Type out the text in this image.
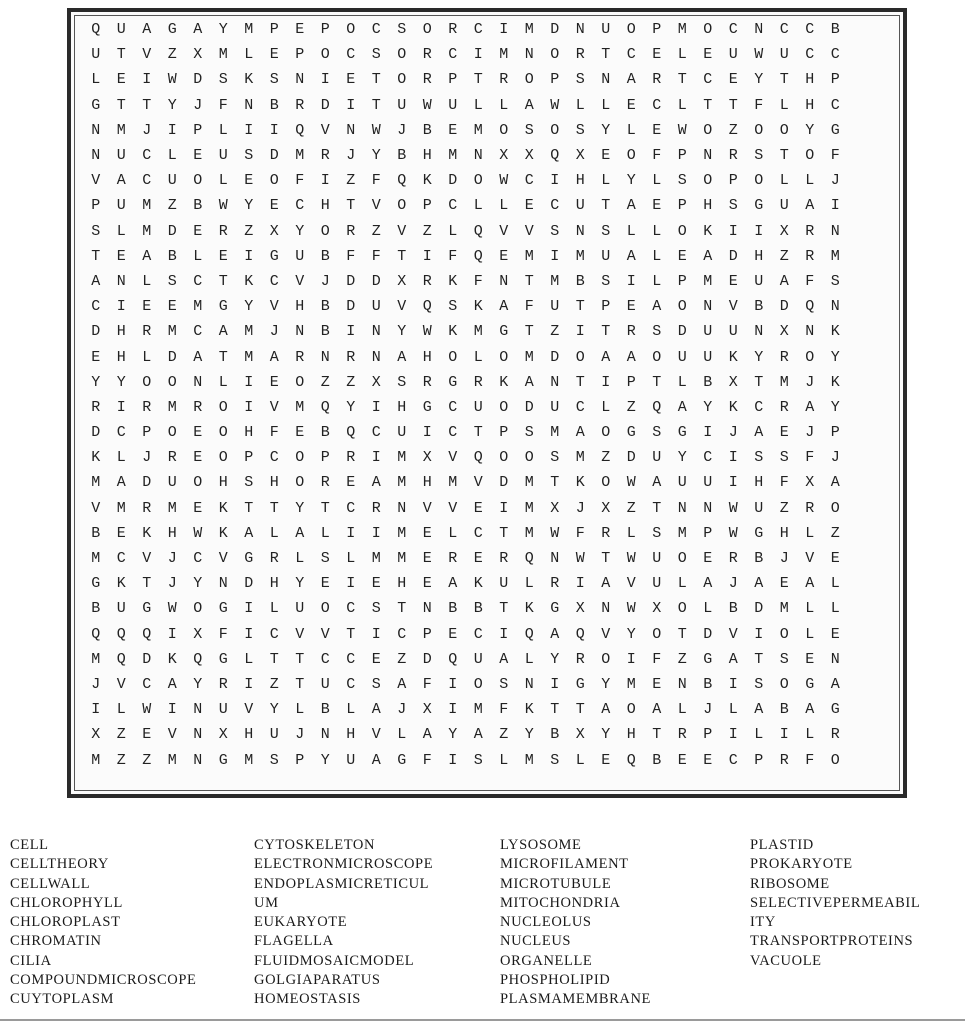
Q	U	A	G	A	Y	M	P	E	P	O	C	S	O	R	C	I	M	D	N	U	O	P	M	O	C	N	C	C	B
U	T	V	Z	X	M	L	E	P	O	C	S	O	R	C	I	M	N	O	R	T	C	E	L	E	U	W	U	C	C
L	E	I	W	D	S	K	S	N	I	E	T	O	R	P	T	R	O	P	S	N	A	R	T	C	E	Y	T	H	P
G	T	T	Y	J	F	N	B	R	D	I	T	U	W	U	L	L	A	W	L	L	E	C	L	T	T	F	L	H	C
N	M	J	I	P	L	I	I	Q	V	N	W	J	B	E	M	O	S	O	S	Y	L	E	W	O	Z	O	O	Y	G
N	U	C	L	E	U	S	D	M	R	J	Y	B	H	M	N	X	X	Q	X	E	O	F	P	N	R	S	T	O	F
V	A	C	U	O	L	E	O	F	I	Z	F	Q	K	D	O	W	C	I	H	L	Y	L	S	O	P	O	L	L	J
P	U	M	Z	B	W	Y	E	C	H	T	V	O	P	C	L	L	E	C	U	T	A	E	P	H	S	G	U	A	I
S	L	M	D	E	R	Z	X	Y	O	R	Z	V	Z	L	Q	V	V	S	N	S	L	L	O	K	I	I	X	R	N
T	E	A	B	L	E	I	G	U	B	F	F	T	I	F	Q	E	M	I	M	U	A	L	E	A	D	H	Z	R	M
A	N	L	S	C	T	K	C	V	J	D	D	X	R	K	F	N	T	M	B	S	I	L	P	M	E	U	A	F	S
C	I	E	E	M	G	Y	V	H	B	D	U	V	Q	S	K	A	F	U	T	P	E	A	O	N	V	B	D	Q	N
D	H	R	M	C	A	M	J	N	B	I	N	Y	W	K	M	G	T	Z	I	T	R	S	D	U	U	N	X	N	K
E	H	L	D	A	T	M	A	R	N	R	N	A	H	O	L	O	M	D	O	A	A	O	U	U	K	Y	R	O	Y
Y	Y	O	O	N	L	I	E	O	Z	Z	X	S	R	G	R	K	A	N	T	I	P	T	L	B	X	T	M	J	K
R	I	R	M	R	O	I	V	M	Q	Y	I	H	G	C	U	O	D	U	C	L	Z	Q	A	Y	K	C	R	A	Y
D	C	P	O	E	O	H	F	E	B	Q	C	U	I	C	T	P	S	M	A	O	G	S	G	I	J	A	E	J	P
K	L	J	R	E	O	P	C	O	P	R	I	M	X	V	Q	O	O	S	M	Z	D	U	Y	C	I	S	S	F	J
M	A	D	U	O	H	S	H	O	R	E	A	M	H	M	V	D	M	T	K	O	W	A	U	U	I	H	F	X	A
V	M	R	M	E	K	T	T	Y	T	C	R	N	V	V	E	I	M	X	J	X	Z	T	N	N	W	U	Z	R	O
B	E	K	H	W	K	A	L	A	L	I	I	M	E	L	C	T	M	W	F	R	L	S	M	P	W	G	H	L	Z
M	C	V	J	C	V	G	R	L	S	L	M	M	E	R	E	R	Q	N	W	T	W	U	O	E	R	B	J	V	E
G	K	T	J	Y	N	D	H	Y	E	I	E	H	E	A	K	U	L	R	I	A	V	U	L	A	J	A	E	A	L
B	U	G	W	O	G	I	L	U	O	C	S	T	N	B	B	T	K	G	X	N	W	X	O	L	B	D	M	L	L
Q	Q	Q	I	X	F	I	C	V	V	T	I	C	P	E	C	I	Q	A	Q	V	Y	O	T	D	V	I	O	L	E
M	Q	D	K	Q	G	L	T	T	C	C	E	Z	D	Q	U	A	L	Y	R	O	I	F	Z	G	A	T	S	E	N
J	V	C	A	Y	R	I	Z	T	U	C	S	A	F	I	O	S	N	I	G	Y	M	E	N	B	I	S	O	G	A
I	L	W	I	N	U	V	Y	L	B	L	A	J	X	I	M	F	K	T	T	A	O	A	L	J	L	A	B	A	G
X	Z	E	V	N	X	H	U	J	N	H	V	L	A	Y	A	Z	Y	B	X	Y	H	T	R	P	I	L	I	L	R
M	Z	Z	M	N	G	M	S	P	Y	U	A	G	F	I	S	L	M	S	L	E	Q	B	E	E	C	P	R	F	O
CELL
CELLTHEORY
CELLWALL
CHLOROPHYLL
CHLOROPLAST
CHROMATIN
CILIA
COMPOUNDMICROSCOPE
CUYTOPLASM
CYTOSKELETON
ELECTRONMICROSCOPE
ENDOPLASMICRETICUL
UM
EUKARYOTE
FLAGELLA
FLUIDMOSAICMODEL
GOLGIAPARATUS
HOMEOSTASIS
LYSOSOME
MICROFILAMENT
MICROTUBULE
MITOCHONDRIA
NUCLEOLUS
NUCLEUS
ORGANELLE
PHOSPHOLIPID
PLASMAMEMBRANE
PLASTID
PROKARYOTE
RIBOSOME
SELECTIVEPERMEABIL
ITY
TRANSPORTPROTEINS
VACUOLE
